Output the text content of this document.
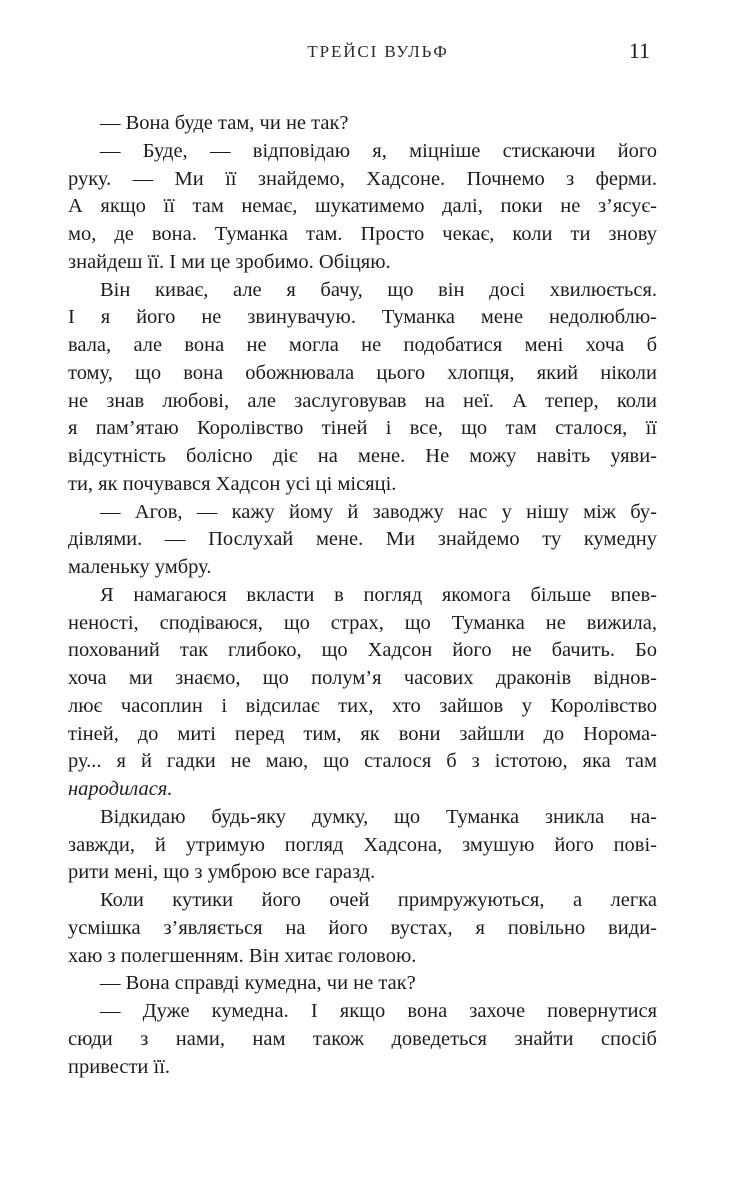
ТРЕЙСІ ВУЛЬФ	11
— Вона буде там, чи не так?
— Буде, — відповідаю я, міцніше стискаючи його
руку. — Ми її знайдемо, Хадсоне. Почнемо з ферми.
А якщо її там немає, шукатимемо далі, поки не з’ясує-
мо, де вона. Туманка там. Просто чекає, коли ти знову
знайдеш її. І ми це зробимо. Обіцяю.
Він киває, але я бачу, що він досі хвилюється.
І я його не звинувачую. Туманка мене недолюблю-
вала, але вона не могла не подобатися мені хоча б
тому, що вона обожнювала цього хлопця, який ніколи
не знав любові, але заслуговував на неї. А тепер, коли
я пам’ятаю Королівство тіней і все, що там сталося, її
відсутність болісно діє на мене. Не можу навіть уяви-
ти, як почувався Хадсон усі ці місяці.
— Агов, — кажу йому й заводжу нас у нішу між бу-
дівлями. — Послухай мене. Ми знайдемо ту кумедну
маленьку умбру.
Я намагаюся вкласти в погляд якомога більше впев-
неності, сподіваюся, що страх, що Туманка не вижила,
похований так глибоко, що Хадсон його не бачить. Бо
хоча ми знаємо, що полум’я часових драконів віднов-
лює часоплин і відсилає тих, хто зайшов у Королівство
тіней, до миті перед тим, як вони зайшли до Норома-
ру... я й гадки не маю, що сталося б з істотою, яка там
народилася.
Відкидаю будь-яку думку, що Туманка зникла на-
завжди, й утримую погляд Хадсона, змушую його пові-
рити мені, що з умброю все гаразд.
Коли кутики його очей примружуються, а легка
усмішка з’являється на його вустах, я повільно види-
хаю з полегшенням. Він хитає головою.
— Вона справді кумедна, чи не так?
— Дуже кумедна. І якщо вона захоче повернутися
сюди з нами, нам також доведеться знайти спосіб
привести її.
